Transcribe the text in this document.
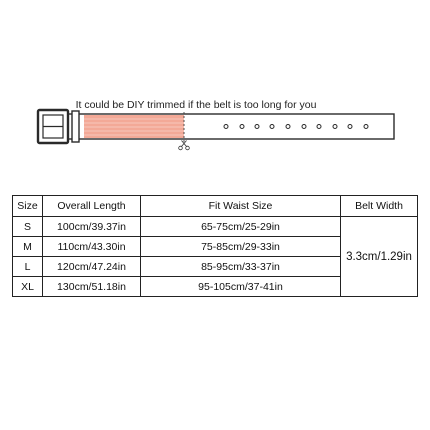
It could be DIY trimmed if the belt is too long for you
Size	Overall Length	Fit Waist Size	Belt Width
S	100cm/39.37in	65-75cm/25-29in	3.3cm/1.29in
M	110cm/43.30in	75-85cm/29-33in	
L	120cm/47.24in	85-95cm/33-37in	
XL	130cm/51.18in	95-105cm/37-41in	
